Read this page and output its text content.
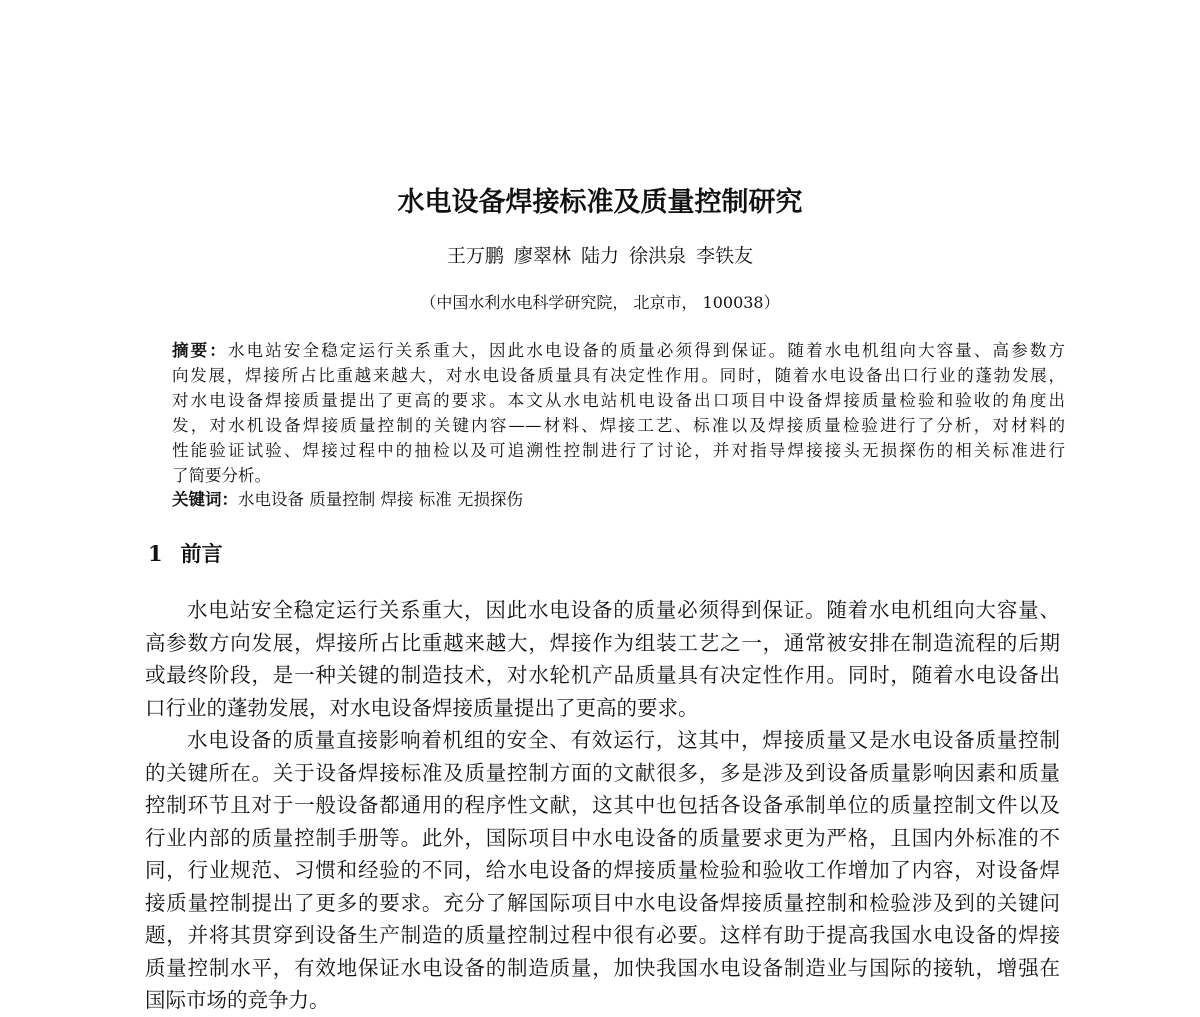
水电设备焊接标准及质量控制研究
王万鹏 廖翠林 陆力 徐洪泉 李铁友
（中国水利水电科学研究院， 北京市， 100038）
摘要：水电站安全稳定运行关系重大，因此水电设备的质量必须得到保证。随着水电机组向大容量、高参数方
向发展，焊接所占比重越来越大，对水电设备质量具有决定性作用。同时，随着水电设备出口行业的蓬勃发展，
对水电设备焊接质量提出了更高的要求。本文从水电站机电设备出口项目中设备焊接质量检验和验收的角度出
发，对水机设备焊接质量控制的关键内容——材料、焊接工艺、标准以及焊接质量检验进行了分析，对材料的
性能验证试验、焊接过程中的抽检以及可追溯性控制进行了讨论，并对指导焊接接头无损探伤的相关标准进行
了简要分析。
关键词：水电设备 质量控制 焊接 标准 无损探伤
1 前言
水电站安全稳定运行关系重大，因此水电设备的质量必须得到保证。随着水电机组向大容量、
高参数方向发展，焊接所占比重越来越大，焊接作为组装工艺之一，通常被安排在制造流程的后期
或最终阶段，是一种关键的制造技术，对水轮机产品质量具有决定性作用。同时，随着水电设备出
口行业的蓬勃发展，对水电设备焊接质量提出了更高的要求。
水电设备的质量直接影响着机组的安全、有效运行，这其中，焊接质量又是水电设备质量控制
的关键所在。关于设备焊接标准及质量控制方面的文献很多，多是涉及到设备质量影响因素和质量
控制环节且对于一般设备都通用的程序性文献，这其中也包括各设备承制单位的质量控制文件以及
行业内部的质量控制手册等。此外，国际项目中水电设备的质量要求更为严格，且国内外标准的不
同，行业规范、习惯和经验的不同，给水电设备的焊接质量检验和验收工作增加了内容，对设备焊
接质量控制提出了更多的要求。充分了解国际项目中水电设备焊接质量控制和检验涉及到的关键问
题，并将其贯穿到设备生产制造的质量控制过程中很有必要。这样有助于提高我国水电设备的焊接
质量控制水平，有效地保证水电设备的制造质量，加快我国水电设备制造业与国际的接轨，增强在
国际市场的竞争力。
